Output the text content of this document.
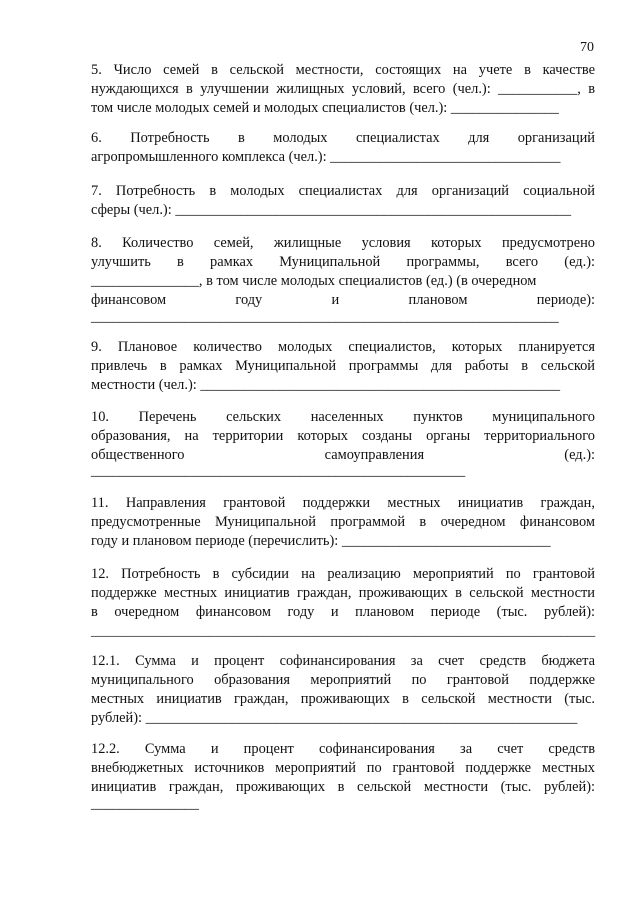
70
5. Число семей в сельской местности, состоящих на учете в качестве
нуждающихся в улучшении жилищных условий, всего (чел.): ___________, в
том числе молодых семей и молодых специалистов (чел.): _______________
6. Потребность в молодых специалистах для организаций
агропромышленного комплекса (чел.): ________________________________
7. Потребность в молодых специалистах для организаций социальной
сферы (чел.): _______________________________________________________
8. Количество семей, жилищные условия которых предусмотрено
улучшить в рамках Муниципальной программы, всего (ед.):
_______________, в том числе молодых специалистов (ед.) (в очередном
финансовом году и плановом периоде):
_________________________________________________________________
9. Плановое количество молодых специалистов, которых планируется
привлечь в рамках Муниципальной программы для работы в сельской
местности (чел.): __________________________________________________
10. Перечень сельских населенных пунктов муниципального
образования, на территории которых созданы органы территориального
общественного самоуправления (ед.):
____________________________________________________
11. Направления грантовой поддержки местных инициатив граждан,
предусмотренные Муниципальной программой в очередном финансовом
году и плановом периоде (перечислить): _____________________________
12. Потребность в субсидии на реализацию мероприятий по грантовой
поддержке местных инициатив граждан, проживающих в сельской местности
в очередном финансовом году и плановом периоде (тыс. рублей):
_________________________________________________________________________
12.1. Сумма и процент софинансирования за счет средств бюджета
муниципального образования мероприятий по грантовой поддержке
местных инициатив граждан, проживающих в сельской местности (тыс.
рублей): ____________________________________________________________
12.2. Сумма и процент софинансирования за счет средств
внебюджетных источников мероприятий по грантовой поддержке местных
инициатив граждан, проживающих в сельской местности (тыс. рублей):
_______________
